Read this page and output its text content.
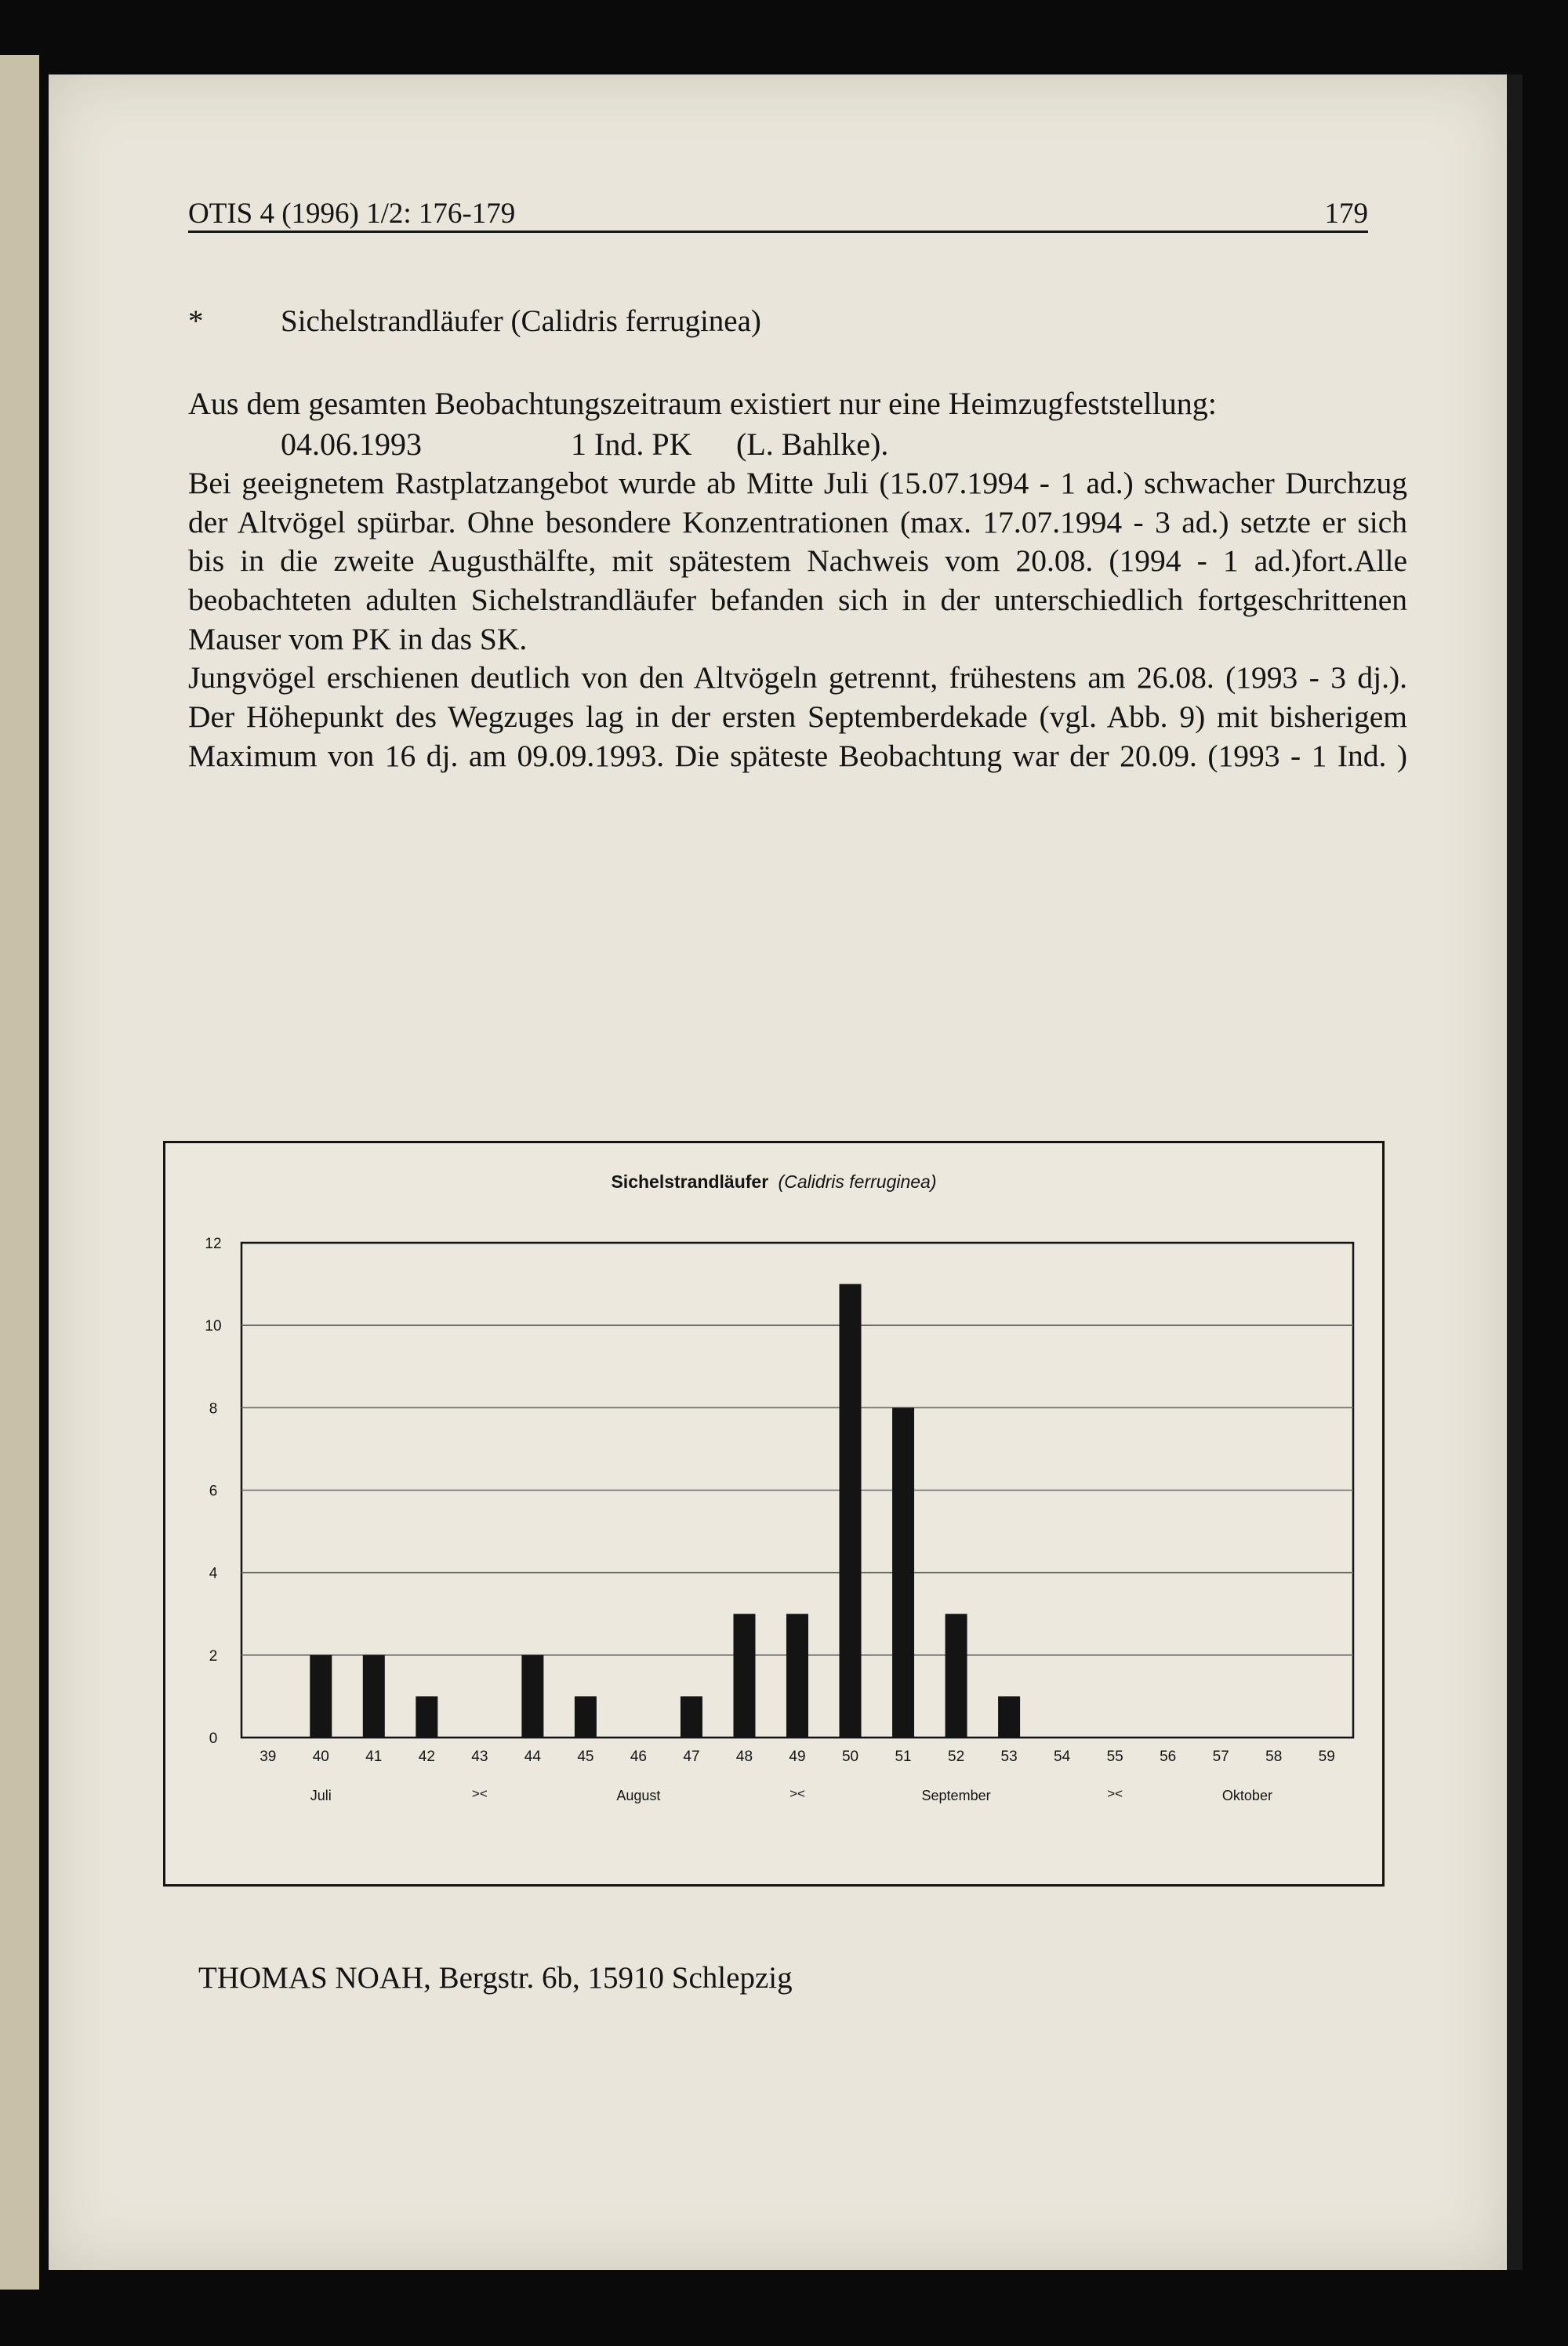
OTIS 4 (1996) 1/2: 176-179	179
*	Sichelstrandläufer (Calidris ferruginea)
Aus dem gesamten Beobachtungszeitraum existiert nur eine Heimzugfeststellung:
04.06.1993	1 Ind. PK (L. Bahlke).
Bei geeignetem Rastplatzangebot wurde ab Mitte Juli (15.07.1994 - 1 ad.) schwacher Durchzug
der Altvögel spürbar. Ohne besondere Konzentrationen (max. 17.07.1994 - 3 ad.) setzte er sich
bis in die zweite Augusthälfte, mit spätestem Nachweis vom 20.08. (1994 - 1 ad.)fort.Alle
beobachteten adulten Sichelstrandläufer befanden sich in der unterschiedlich fortgeschrittenen
Mauser vom PK in das SK.
Jungvögel erschienen deutlich von den Altvögeln getrennt, frühestens am 26.08. (1993 - 3 dj.).
Der Höhepunkt des Wegzuges lag in der ersten Septemberdekade (vgl. Abb. 9) mit bisherigem
Maximum von 16 dj. am 09.09.1993. Die späteste Beobachtung war der 20.09. (1993 - 1 Ind. )
Sichelstrandläufer (Calidris ferruginea)
0
2
4
6
8
10
12
39 40 41 42 43 44 45 46 47 48 49 50 51 52 53 54 55 56 57 58 59
Juli	August	September	Oktober
><	><	><
THOMAS NOAH, Bergstr. 6b, 15910 Schlepzig
